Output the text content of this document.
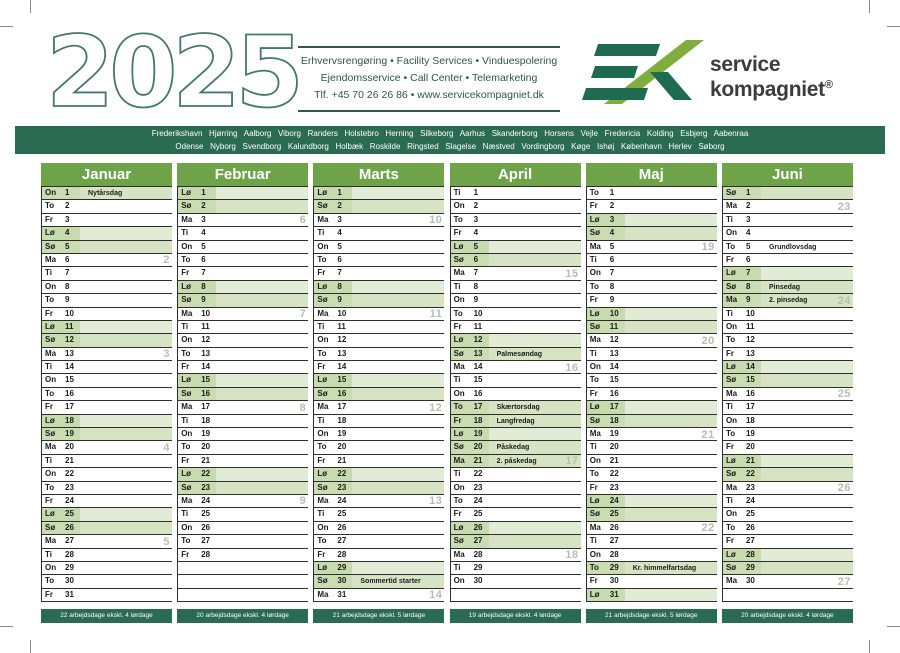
2025 Erhvervsrengøring • Facility Services • Vinduespolering
Ejendomsservice • Call Center • Telemarketing
Tlf. +45 70 26 26 86 • www.servicekompagniet.dk
service
kompagniet®
Frederikshavn   Hjørring   Aalborg   Viborg   Randers   Holstebro   Herning   Silkeborg   Aarhus   Skanderborg   Horsens   Vejle   Fredericia   Kolding   Esbjerg   Aabenraa
Odense   Nyborg   Svendborg   Kalundborg   Holbæk   Roskilde   Ringsted   Slagelse   Næstved   Vordingborg   Køge   Ishøj   København   Herlev   Søborg
Januar
On 1	Nytårsdag
To 2
Fr 3
Lø 4
Sø 5
Ma 6	2
Ti 7
On 8
To 9
Fr 10
Lø 11
Sø 12
Ma 13	3
Ti 14
On 15
To 16
Fr 17
Lø 18
Sø 19
Ma 20	4
Ti 21
On 22
To 23
Fr 24
Lø 25
Sø 26
Ma 27	5
Ti 28
On 29
To 30
Fr 31
22 arbejdsdage ekskl. 4 lørdage
Februar
Lø 1
Sø 2
Ma 3	6
Ti 4
On 5
To 6
Fr 7
Lø 8
Sø 9
Ma 10	7
Ti 11
On 12
To 13
Fr 14
Lø 15
Sø 16
Ma 17	8
Ti 18
On 19
To 20
Fr 21
Lø 22
Sø 23
Ma 24	9
Ti 25
On 26
To 27
Fr 28
20 arbejdsdage ekskl. 4 lørdage
Marts
Lø 1
Sø 2
Ma 3	10
Ti 4
On 5
To 6
Fr 7
Lø 8
Sø 9
Ma 10	11
Ti 11
On 12
To 13
Fr 14
Lø 15
Sø 16
Ma 17	12
Ti 18
On 19
To 20
Fr 21
Lø 22
Sø 23
Ma 24	13
Ti 25
On 26
To 27
Fr 28
Lø 29
Sø 30 Sommertid starter
Ma 31	14
21 arbejdsdage ekskl. 5 lørdage
April
Ti 1
On 2
To 3
Fr 4
Lø 5
Sø 6
Ma 7	15
Ti 8
On 9
To 10
Fr 11
Lø 12
Sø 13 Palmesøndag
Ma 14	16
Ti 15
On 16
To 17 Skærtorsdag
Fr 18 Langfredag
Lø 19
Sø 20 Påskedag
Ma 21 2. påskedag	17
Ti 22
On 23
To 24
Fr 25
Lø 26
Sø 27
Ma 28	18
Ti 29
On 30
19 arbejdsdage ekskl. 4 lørdage
Maj
To 1
Fr 2
Lø 3
Sø 4
Ma 5	19
Ti 6
On 7
To 8
Fr 9
Lø 10
Sø 11
Ma 12	20
Ti 13
On 14
To 15
Fr 16
Lø 17
Sø 18
Ma 19	21
Ti 20
On 21
To 22
Fr 23
Lø 24
Sø 25
Ma 26	22
Ti 27
On 28
To 29 Kr. himmelfartsdag
Fr 30
Lø 31
21 arbejdsdage ekskl. 5 lørdage
Juni
Sø 1
Ma 2	23
Ti 3
On 4
To 5	Grundlovsdag
Fr 6
Lø 7
Sø 8	Pinsedag
Ma 9	2. pinsedag	24
Ti 10
On 11
To 12
Fr 13
Lø 14
Sø 15
Ma 16	25
Ti 17
On 18
To 19
Fr 20
Lø 21
Sø 22
Ma 23	26
Ti 24
On 25
To 26
Fr 27
Lø 28
Sø 29
Ma 30	27
20 arbejdsdage ekskl. 4 lørdage
